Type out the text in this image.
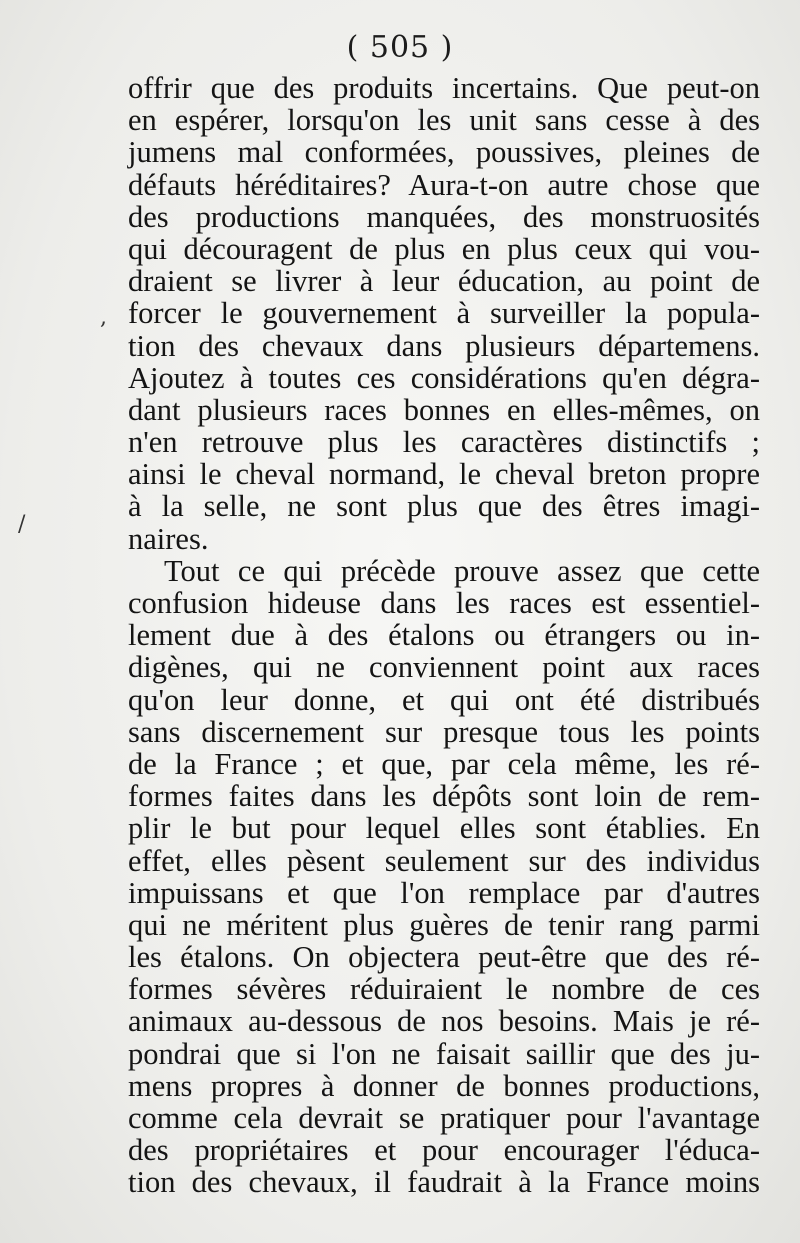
( 505 )
,
/
offrir que des produits incertains. Que peut-on
en espérer, lorsqu'on les unit sans cesse à des
jumens mal conformées, poussives, pleines de
défauts héréditaires? Aura-t-on autre chose que
des productions manquées, des monstruosités
qui découragent de plus en plus ceux qui vou-
draient se livrer à leur éducation, au point de
forcer le gouvernement à surveiller la popula-
tion des chevaux dans plusieurs départemens.
Ajoutez à toutes ces considérations qu'en dégra-
dant plusieurs races bonnes en elles-mêmes, on
n'en retrouve plus les caractères distinctifs ;
ainsi le cheval normand, le cheval breton propre
à la selle, ne sont plus que des êtres imagi-
naires.
Tout ce qui précède prouve assez que cette
confusion hideuse dans les races est essentiel-
lement due à des étalons ou étrangers ou in-
digènes, qui ne conviennent point aux races
qu'on leur donne, et qui ont été distribués
sans discernement sur presque tous les points
de la France ; et que, par cela même, les ré-
formes faites dans les dépôts sont loin de rem-
plir le but pour lequel elles sont établies. En
effet, elles pèsent seulement sur des individus
impuissans et que l'on remplace par d'autres
qui ne méritent plus guères de tenir rang parmi
les étalons. On objectera peut-être que des ré-
formes sévères réduiraient le nombre de ces
animaux au-dessous de nos besoins. Mais je ré-
pondrai que si l'on ne faisait saillir que des ju-
mens propres à donner de bonnes productions,
comme cela devrait se pratiquer pour l'avantage
des propriétaires et pour encourager l'éduca-
tion des chevaux, il faudrait à la France moins
